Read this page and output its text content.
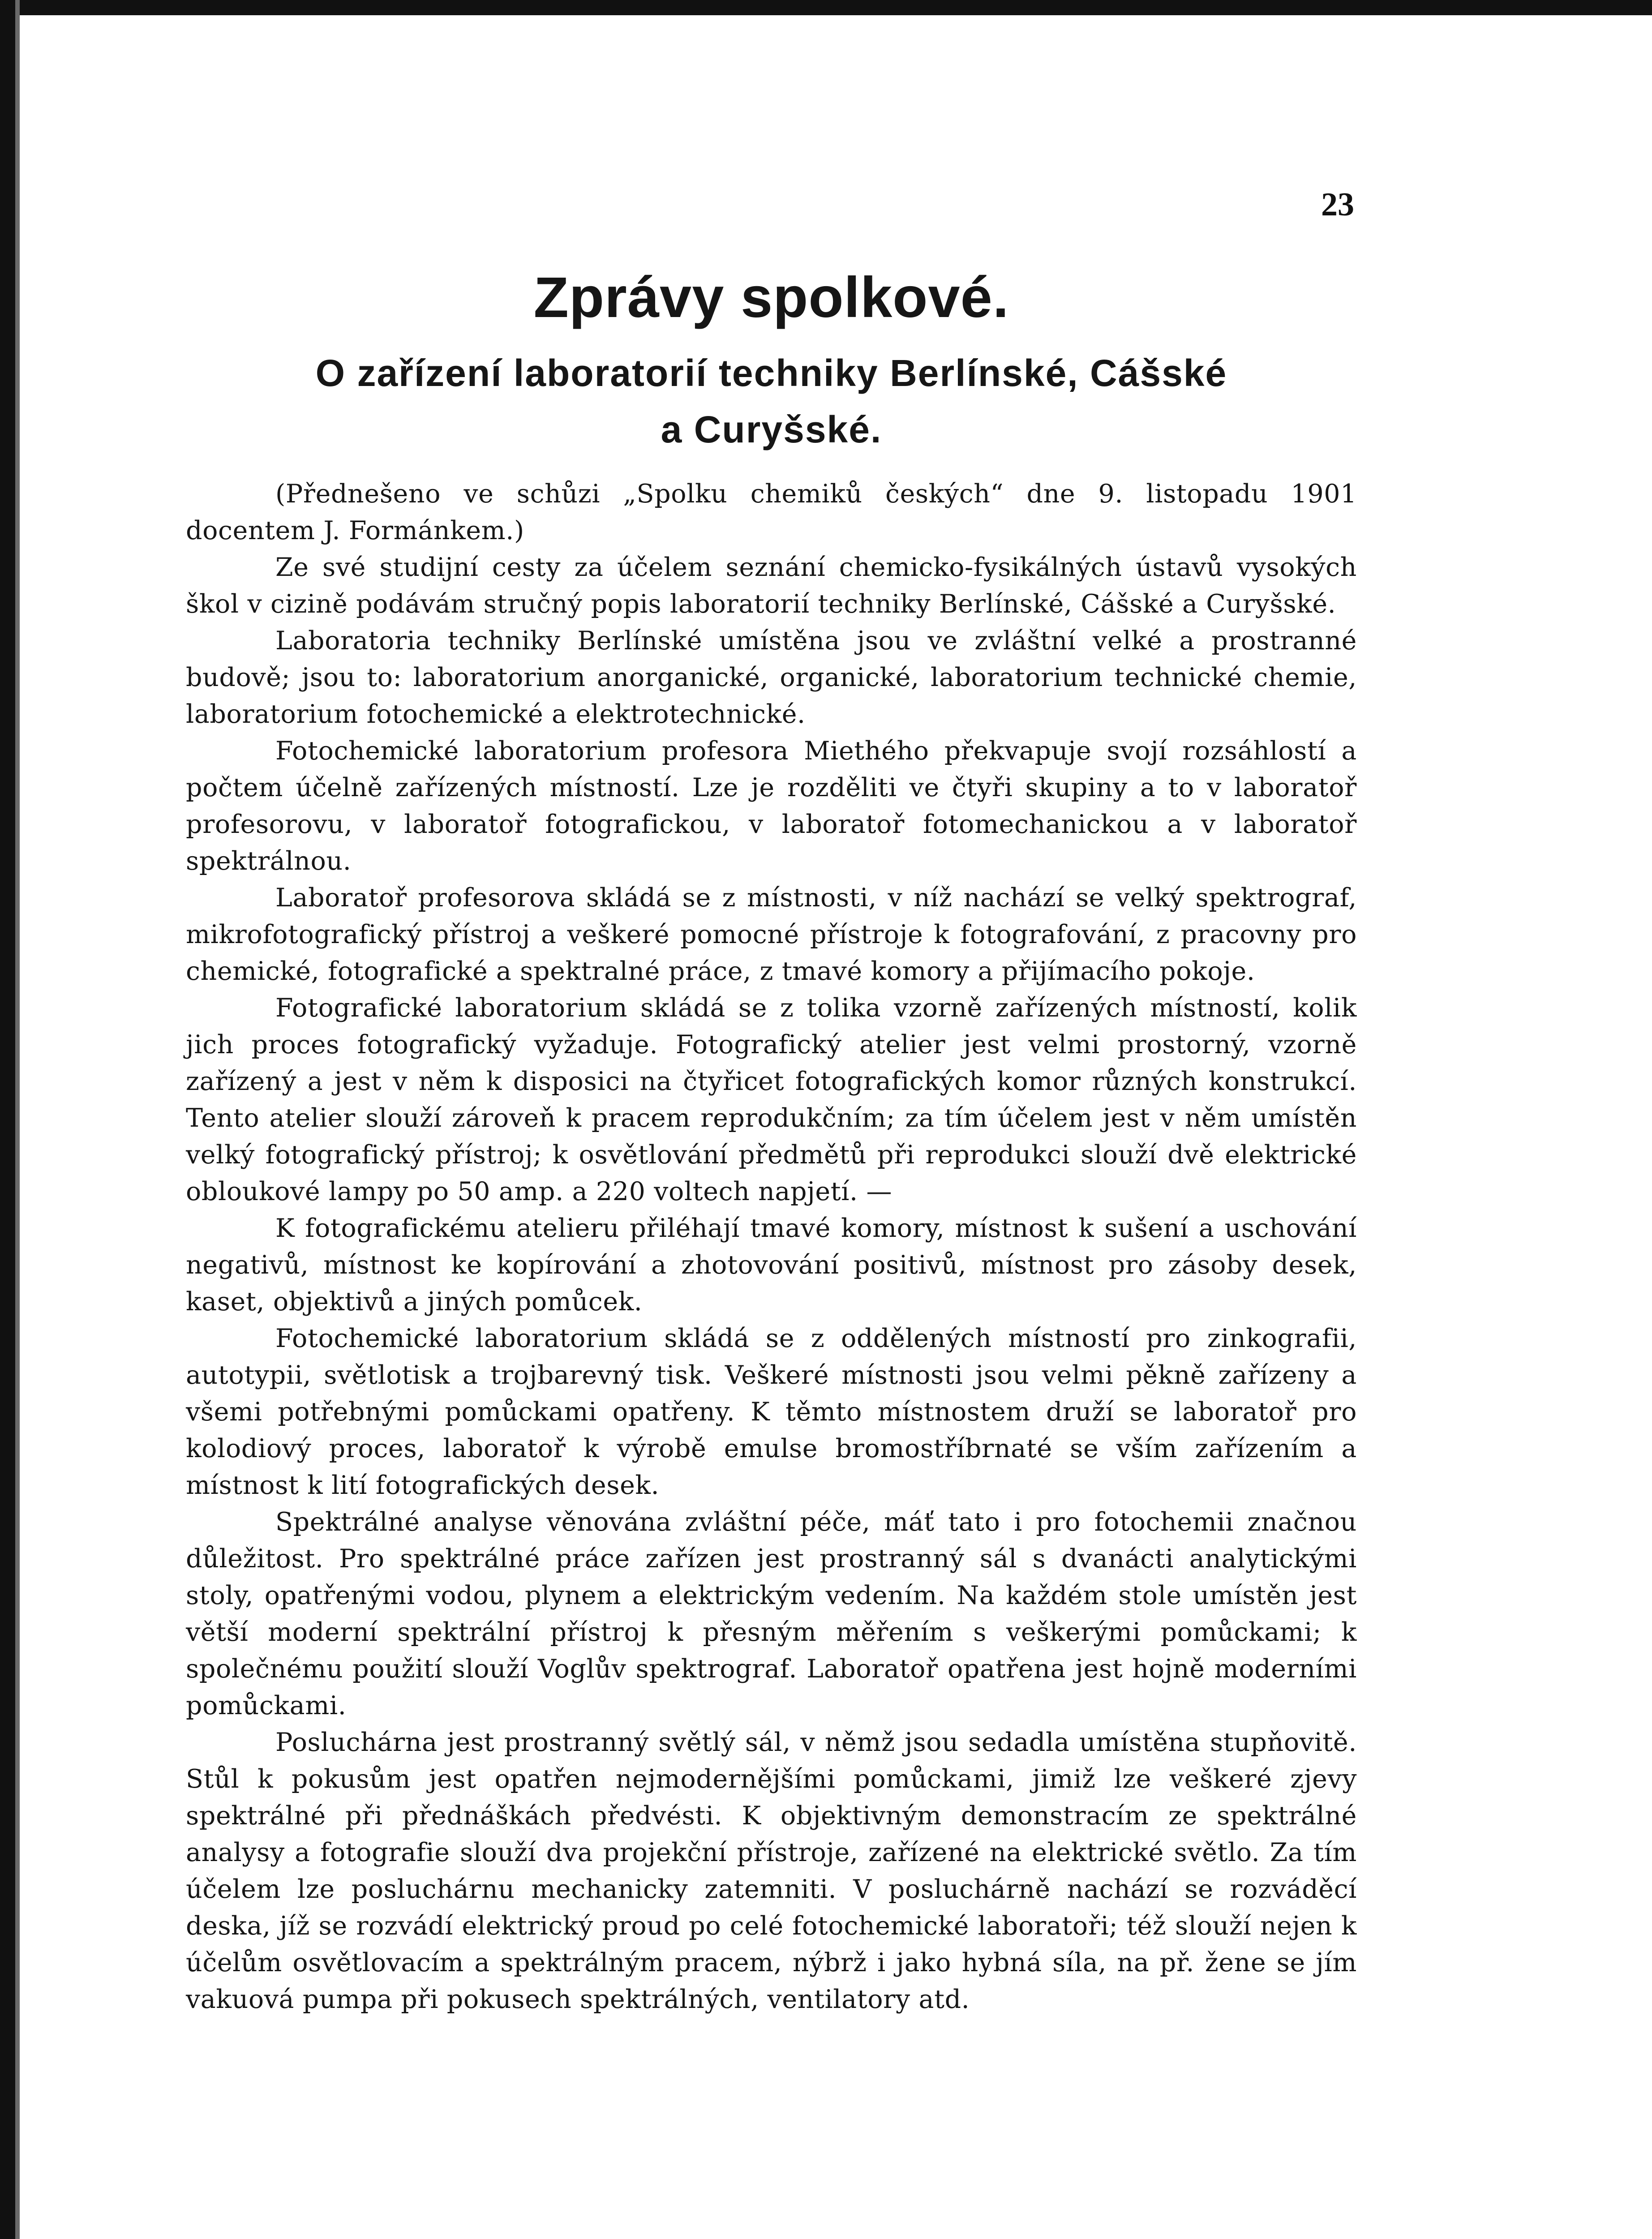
23
Zprávy spolkové.
O zařízení laboratorií techniky Berlínské, Cášské
a Curyšské.

(Přednešeno ve schůzi „Spolku chemiků českých“ dne 9. listopadu 1901 docentem J. Formánkem.)

Ze své studijní cesty za účelem seznání chemicko-fysikálných ústavů vysokých škol v cizině podávám stručný popis laboratorií techniky Berlínské, Cášské a Curyšské.

Laboratoria techniky Berlínské umístěna jsou ve zvláštní velké a prostranné budově; jsou to: laboratorium anorganické, organické, laboratorium technické chemie, laboratorium fotochemické a elektrotechnické.

Fotochemické laboratorium profesora Miethého překvapuje svojí rozsáhlostí a počtem účelně zařízených místností. Lze je rozděliti ve čtyři skupiny a to v laboratoř profesorovu, v laboratoř fotografickou, v laboratoř fotomechanickou a v laboratoř spektrálnou.

Laboratoř profesorova skládá se z místnosti, v níž nachází se velký spektrograf, mikrofotografický přístroj a veškeré pomocné přístroje k fotografování, z pracovny pro chemické, fotografické a spektralné práce, z tmavé komory a přijímacího pokoje.

Fotografické laboratorium skládá se z tolika vzorně zařízených místností, kolik jich proces fotografický vyžaduje. Fotografický atelier jest velmi prostorný, vzorně zařízený a jest v něm k disposici na čtyřicet fotografických komor různých konstrukcí. Tento atelier slouží zároveň k pracem reprodukčním; za tím účelem jest v něm umístěn velký fotografický přístroj; k osvětlování předmětů při reprodukci slouží dvě elektrické obloukové lampy po 50 amp. a 220 voltech napjetí. —

K fotografickému atelieru přiléhají tmavé komory, místnost k sušení a uschování negativů, místnost ke kopírování a zhotovování positivů, místnost pro zásoby desek, kaset, objektivů a jiných pomůcek.

Fotochemické laboratorium skládá se z oddělených místností pro zinkografii, autotypii, světlotisk a trojbarevný tisk. Veškeré místnosti jsou velmi pěkně zařízeny a všemi potřebnými pomůckami opatřeny. K těmto místnostem druží se laboratoř pro kolodiový proces, laboratoř k výrobě emulse bromostříbrnaté se vším zařízením a místnost k lití fotografických desek.

Spektrálné analyse věnována zvláštní péče, máť tato i pro fotochemii značnou důležitost. Pro spektrálné práce zařízen jest prostranný sál s dvanácti analytickými stoly, opatřenými vodou, plynem a elektrickým vedením. Na každém stole umístěn jest větší moderní spektrální přístroj k přesným měřením s veškerými pomůckami; k společnému použití slouží Voglův spektrograf. Laboratoř opatřena jest hojně moderními pomůckami.

Posluchárna jest prostranný světlý sál, v němž jsou sedadla umístěna stupňovitě. Stůl k pokusům jest opatřen nejmodernějšími pomůckami, jimiž lze veškeré zjevy spektrálné při přednáškách předvésti. K objektivným demonstracím ze spektrálné analysy a fotografie slouží dva projekční přístroje, zařízené na elektrické světlo. Za tím účelem lze posluchárnu mechanicky zatemniti. V posluchárně nachází se rozváděcí deska, jíž se rozvádí elektrický proud po celé fotochemické laboratoři; též slouží nejen k účelům osvětlovacím a spektrálným pracem, nýbrž i jako hybná síla, na př. žene se jím vakuová pumpa při pokusech spektrálných, ventilatory atd.
